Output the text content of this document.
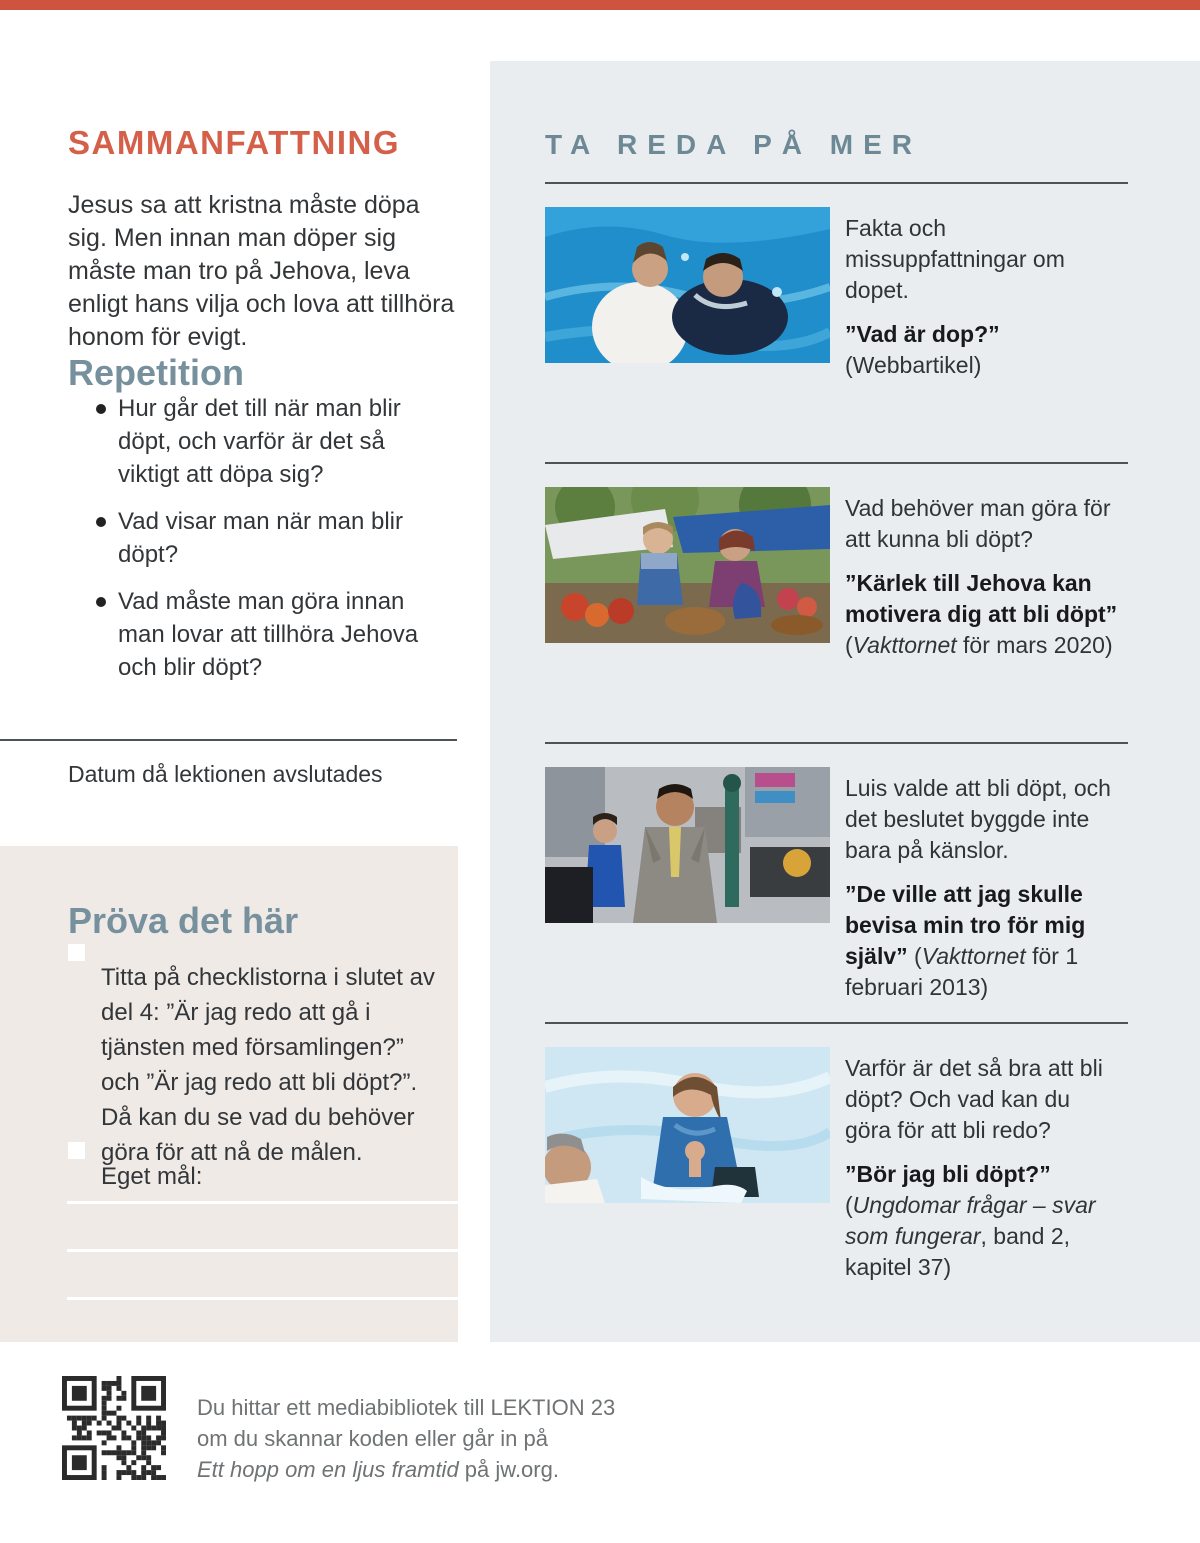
SAMMANFATTNING

Jesus sa att kristna måste döpa sig. Men innan man döper sig måste man tro på Jehova, leva enligt hans vilja och lova att tillhöra honom för evigt.

Repetition
Hur går det till när man blir döpt, och varför är det så viktigt att döpa sig?
Vad visar man när man blir döpt?
Vad måste man göra innan man lovar att tillhöra Jehova och blir döpt?
Datum då lektionen avslutades
Pröva det här

Titta på checklistorna i slutet av del 4: ”Är jag redo att gå i tjänsten med församlingen?” och ”Är jag redo att bli döpt?”. Då kan du se vad du behöver göra för att nå de målen.

Eget mål:

TA REDA PÅ MER

Fakta och missuppfattningar om dopet.

”Vad är dop?” (Webbartikel)

Vad behöver man göra för att kunna bli döpt?

”Kärlek till Jehova kan motivera dig att bli döpt” (Vakttornet för mars 2020)

Luis valde att bli döpt, och det beslutet byggde inte bara på känslor.

”De ville att jag skulle bevisa min tro för mig själv” (Vakttornet för 1 februari 2013)

Varför är det så bra att bli döpt? Och vad kan du göra för att bli redo?

”Bör jag bli döpt?” (Ungdomar frågar – svar som fungerar, band 2, kapitel 37)

Du hittar ett mediabibliotek till LEKTION 23
om du skannar koden eller går in på
Ett hopp om en ljus framtid på jw.org.
